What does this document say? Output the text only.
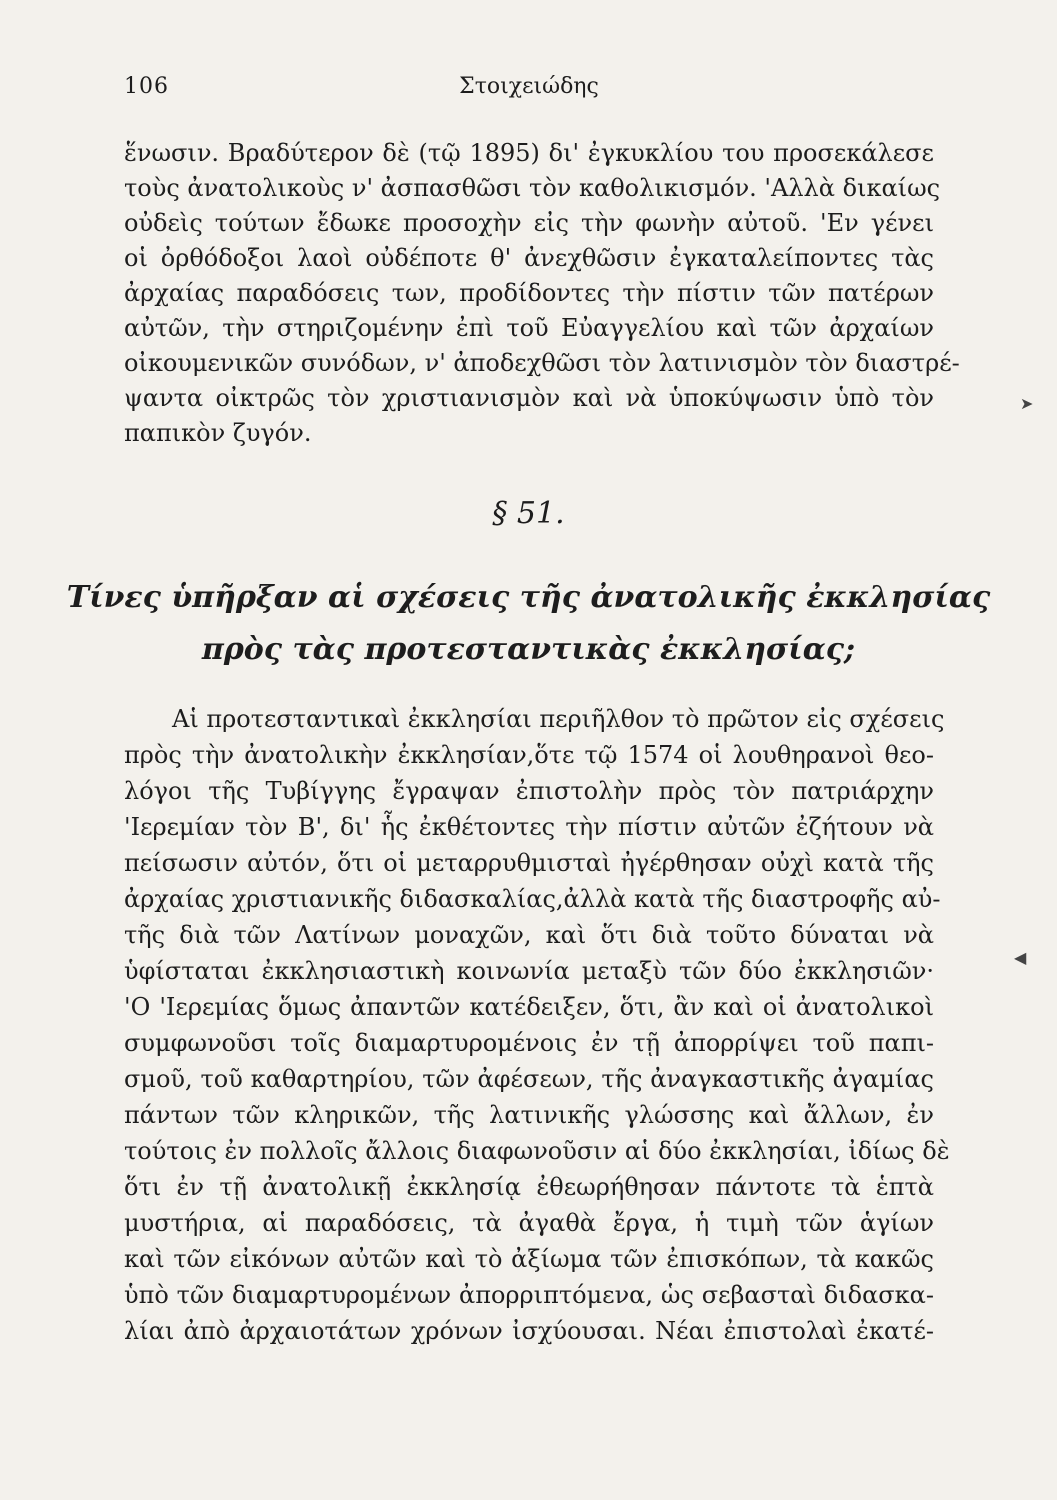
106	Στοιχειώδης
ἕνωσιν. Βραδύτερον δὲ (τῷ 1895) δι' ἐγκυκλίου του προσεκάλεσε
τοὺς ἀνατολικοὺς ν' ἀσπασθῶσι τὸν καθολικισμόν. 'Αλλὰ δικαίως
οὐδεὶς τούτων ἔδωκε προσοχὴν εἰς τὴν φωνὴν αὐτοῦ. 'Εν γένει
οἱ ὀρθόδοξοι λαοὶ οὐδέποτε θ' ἀνεχθῶσιν ἐγκαταλείποντες τὰς
ἀρχαίας παραδόσεις των, προδίδοντες τὴν πίστιν τῶν πατέρων
αὐτῶν, τὴν στηριζομένην ἐπὶ τοῦ Εὐαγγελίου καὶ τῶν ἀρχαίων
οἰκουμενικῶν συνόδων, ν' ἀποδεχθῶσι τὸν λατινισμὸν τὸν διαστρέ-
ψαντα οἰκτρῶς τὸν χριστιανισμὸν καὶ νὰ ὑποκύψωσιν ὑπὸ τὸν
παπικὸν ζυγόν.
§ 51.
Τίνες ὑπῆρξαν αἱ σχέσεις τῆς ἀνατολικῆς ἐκκλησίας
πρὸς τὰς προτεσταντικὰς ἐκκλησίας;
Αἱ προτεσταντικαὶ ἐκκλησίαι περιῆλθον τὸ πρῶτον εἰς σχέσεις
πρὸς τὴν ἀνατολικὴν ἐκκλησίαν,ὅτε τῷ 1574 οἱ λουθηρανοὶ θεο-
λόγοι τῆς Τυβίγγης ἔγραψαν ἐπιστολὴν πρὸς τὸν πατριάρχην
'Ιερεμίαν τὸν Β', δι' ἧς ἐκθέτοντες τὴν πίστιν αὐτῶν ἐζήτουν νὰ
πείσωσιν αὐτόν, ὅτι οἱ μεταρρυθμισταὶ ἠγέρθησαν οὐχὶ κατὰ τῆς
ἀρχαίας χριστιανικῆς διδασκαλίας,ἀλλὰ κατὰ τῆς διαστροφῆς αὐ-
τῆς διὰ τῶν Λατίνων μοναχῶν, καὶ ὅτι διὰ τοῦτο δύναται νὰ
ὑφίσταται ἐκκλησιαστικὴ κοινωνία μεταξὺ τῶν δύο ἐκκλησιῶν·
'Ο 'Ιερεμίας ὅμως ἀπαντῶν κατέδειξεν, ὅτι, ἂν καὶ οἱ ἀνατολικοὶ
συμφωνοῦσι τοῖς διαμαρτυρομένοις ἐν τῇ ἀπορρίψει τοῦ παπι-
σμοῦ, τοῦ καθαρτηρίου, τῶν ἀφέσεων, τῆς ἀναγκαστικῆς ἀγαμίας
πάντων τῶν κληρικῶν, τῆς λατινικῆς γλώσσης καὶ ἄλλων, ἐν
τούτοις ἐν πολλοῖς ἄλλοις διαφωνοῦσιν αἱ δύο ἐκκλησίαι, ἰδίως δὲ
ὅτι ἐν τῇ ἀνατολικῇ ἐκκλησίᾳ ἐθεωρήθησαν πάντοτε τὰ ἑπτὰ
μυστήρια, αἱ παραδόσεις, τὰ ἀγαθὰ ἔργα, ἡ τιμὴ τῶν ἁγίων
καὶ τῶν εἰκόνων αὐτῶν καὶ τὸ ἀξίωμα τῶν ἐπισκόπων, τὰ κακῶς
ὑπὸ τῶν διαμαρτυρομένων ἀπορριπτόμενα, ὡς σεβασταὶ διδασκα-
λίαι ἀπὸ ἀρχαιοτάτων χρόνων ἰσχύουσαι. Νέαι ἐπιστολαὶ ἐκατέ-
➤
◀
